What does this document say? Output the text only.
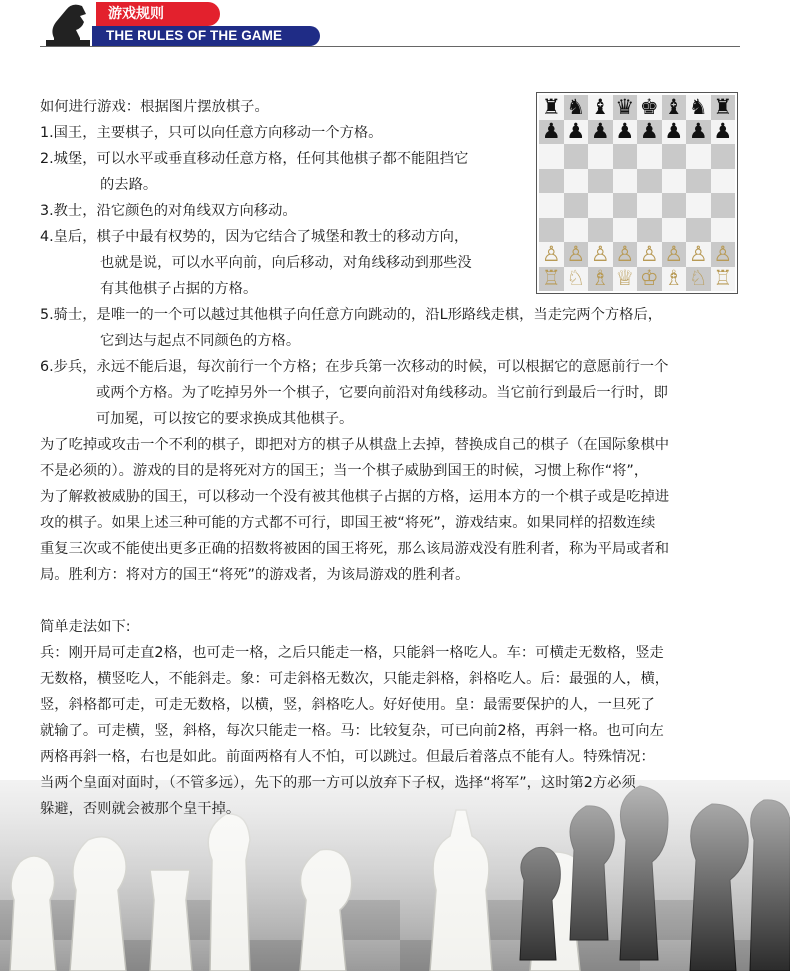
游戏规则
THE RULES OF THE GAME
♜ ♞ ♝ ♛ ♚ ♝ ♞ ♜
♟ ♟ ♟ ♟ ♟ ♟ ♟ ♟
♙ ♙ ♙ ♙ ♙ ♙ ♙ ♙
♖ ♘ ♗ ♕ ♔ ♗ ♘ ♖
如何进行游戏：根据图片摆放棋子。
1.国王，主要棋子，只可以向任意方向移动一个方格。
2.城堡，可以水平或垂直移动任意方格，任何其他棋子都不能阻挡它
的去路。
3.教士，沿它颜色的对角线双方向移动。
4.皇后，棋子中最有权势的，因为它结合了城堡和教士的移动方向，
也就是说，可以水平向前，向后移动，对角线移动到那些没
有其他棋子占据的方格。
5.骑士，是唯一的一个可以越过其他棋子向任意方向跳动的，沿L形路线走棋，当走完两个方格后，
它到达与起点不同颜色的方格。
6.步兵，永远不能后退，每次前行一个方格；在步兵第一次移动的时候，可以根据它的意愿前行一个
或两个方格。为了吃掉另外一个棋子，它要向前沿对角线移动。当它前行到最后一行时，即
可加冕，可以按它的要求换成其他棋子。
为了吃掉或攻击一个不利的棋子，即把对方的棋子从棋盘上去掉，替换成自己的棋子（在国际象棋中
不是必须的）。游戏的目的是将死对方的国王；当一个棋子威胁到国王的时候，习惯上称作“将”，
为了解救被威胁的国王，可以移动一个没有被其他棋子占据的方格，运用本方的一个棋子或是吃掉进
攻的棋子。如果上述三种可能的方式都不可行，即国王被“将死”，游戏结束。如果同样的招数连续
重复三次或不能使出更多正确的招数将被困的国王将死，那么该局游戏没有胜利者，称为平局或者和
局。胜利方：将对方的国王“将死”的游戏者，为该局游戏的胜利者。
简单走法如下:
兵：刚开局可走直2格，也可走一格，之后只能走一格，只能斜一格吃人。车：可横走无数格，竖走
无数格，横竖吃人，不能斜走。象：可走斜格无数次，只能走斜格，斜格吃人。后：最强的人，横，
竖，斜格都可走，可走无数格，以横，竖，斜格吃人。好好使用。皇：最需要保护的人，一旦死了
就输了。可走横，竖，斜格，每次只能走一格。马：比较复杂，可已向前2格，再斜一格。也可向左
两格再斜一格，右也是如此。前面两格有人不怕，可以跳过。但最后着落点不能有人。特殊情况：
当两个皇面对面时，（不管多远），先下的那一方可以放弃下子权，选择“将军”，这时第2方必须
躲避，否则就会被那个皇干掉。
